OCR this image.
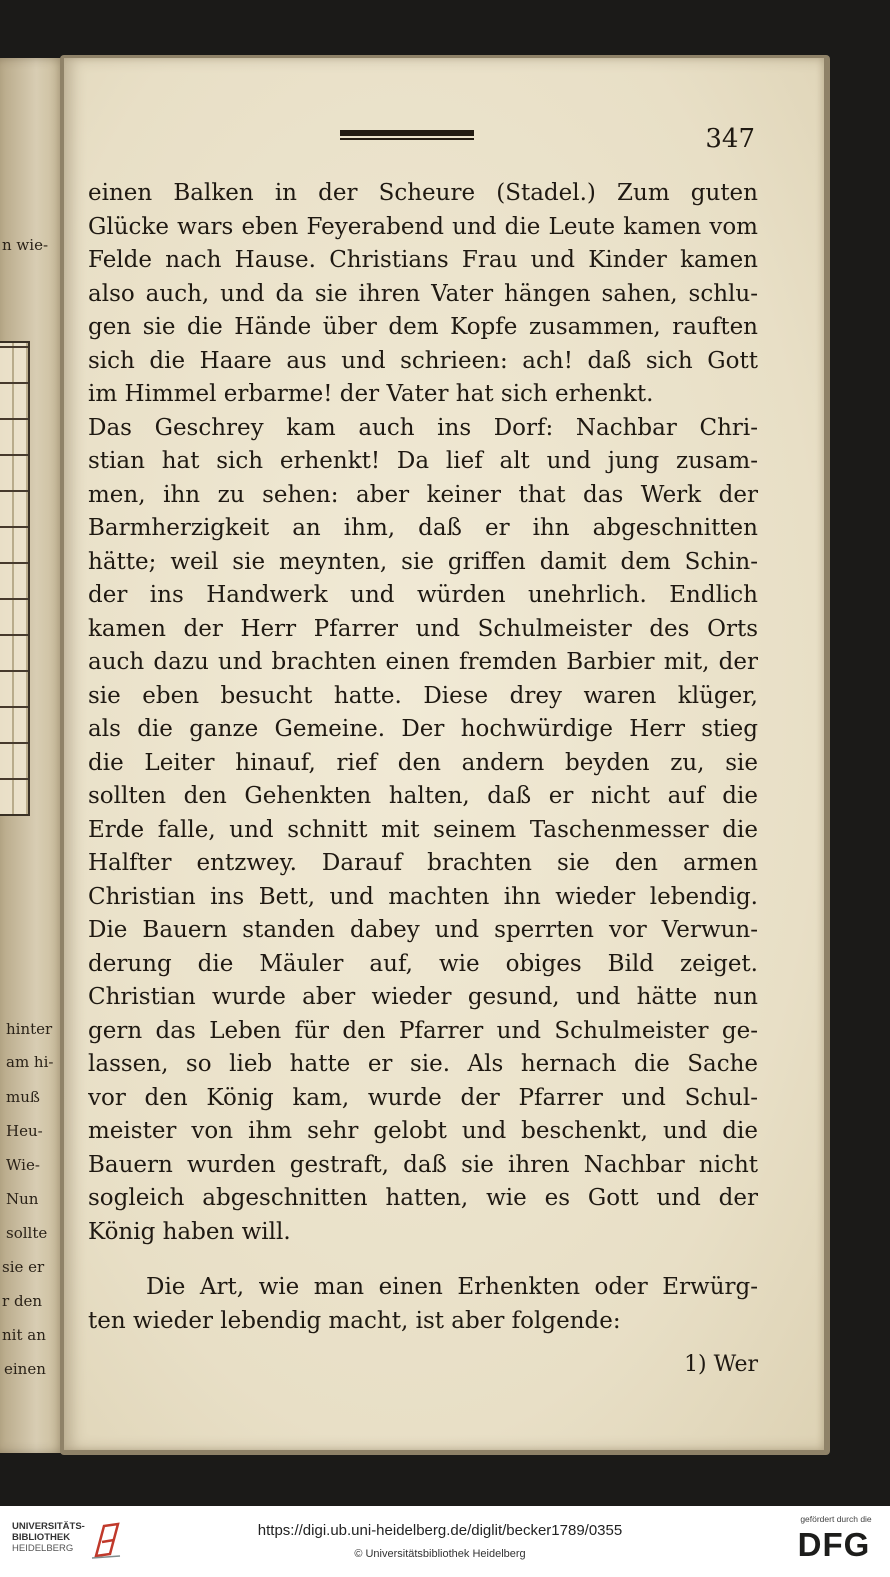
n wie-
hinter
am hi-
muß
Heu-
Wie-
Nun
sollte
sie er
r den
nit an
einen
347
einen Balken in der Scheure (Stadel.) Zum guten
Glücke wars eben Feyerabend und die Leute kamen vom
Felde nach Hause. Christians Frau und Kinder kamen
also auch, und da sie ihren Vater hängen sahen, schlu-
gen sie die Hände über dem Kopfe zusammen, rauften
sich die Haare aus und schrieen: ach! daß sich Gott
im Himmel erbarme! der Vater hat sich erhenkt.
Das Geschrey kam auch ins Dorf: Nachbar Chri-
stian hat sich erhenkt! Da lief alt und jung zusam-
men, ihn zu sehen: aber keiner that das Werk der
Barmherzigkeit an ihm, daß er ihn abgeschnitten
hätte; weil sie meynten, sie griffen damit dem Schin-
der ins Handwerk und würden unehrlich. Endlich
kamen der Herr Pfarrer und Schulmeister des Orts
auch dazu und brachten einen fremden Barbier mit, der
sie eben besucht hatte. Diese drey waren klüger,
als die ganze Gemeine. Der hochwürdige Herr stieg
die Leiter hinauf, rief den andern beyden zu, sie
sollten den Gehenkten halten, daß er nicht auf die
Erde falle, und schnitt mit seinem Taschenmesser die
Halfter entzwey. Darauf brachten sie den armen
Christian ins Bett, und machten ihn wieder lebendig.
Die Bauern standen dabey und sperrten vor Verwun-
derung die Mäuler auf, wie obiges Bild zeiget.
Christian wurde aber wieder gesund, und hätte nun
gern das Leben für den Pfarrer und Schulmeister ge-
lassen, so lieb hatte er sie. Als hernach die Sache
vor den König kam, wurde der Pfarrer und Schul-
meister von ihm sehr gelobt und beschenkt, und die
Bauern wurden gestraft, daß sie ihren Nachbar nicht
sogleich abgeschnitten hatten, wie es Gott und der
König haben will.
Die Art, wie man einen Erhenkten oder Erwürg-
ten wieder lebendig macht, ist aber folgende:
1) Wer
UNIVERSITÄTS-
BIBLIOTHEK
HEIDELBERG
https://digi.ub.uni-heidelberg.de/diglit/becker1789/0355
© Universitätsbibliothek Heidelberg
gefördert durch die
DFG
